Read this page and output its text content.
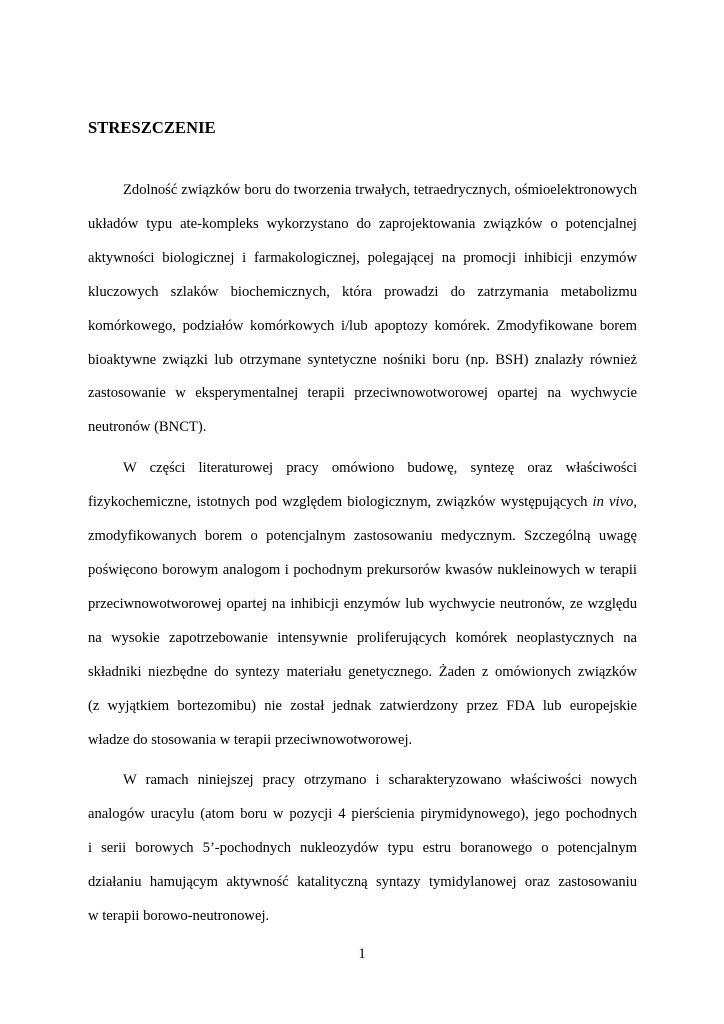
STRESZCZENIE

Zdolność związków boru do tworzenia trwałych, tetraedrycznych, ośmioelektronowych
układów typu ate-kompleks wykorzystano do zaprojektowania związków o potencjalnej
aktywności biologicznej i farmakologicznej, polegającej na promocji inhibicji enzymów
kluczowych szlaków biochemicznych, która prowadzi do zatrzymania metabolizmu
komórkowego, podziałów komórkowych i/lub apoptozy komórek. Zmodyfikowane borem
bioaktywne związki lub otrzymane syntetyczne nośniki boru (np. BSH) znalazły również
zastosowanie w eksperymentalnej terapii przeciwnowotworowej opartej na wychwycie
neutronów (BNCT).

W części literaturowej pracy omówiono budowę, syntezę oraz właściwości
fizykochemiczne, istotnych pod względem biologicznym, związków występujących in vivo,
zmodyfikowanych borem o potencjalnym zastosowaniu medycznym. Szczególną uwagę
poświęcono borowym analogom i pochodnym prekursorów kwasów nukleinowych w terapii
przeciwnowotworowej opartej na inhibicji enzymów lub wychwycie neutronów, ze względu
na wysokie zapotrzebowanie intensywnie proliferujących komórek neoplastycznych na
składniki niezbędne do syntezy materiału genetycznego. Żaden z omówionych związków
(z wyjątkiem bortezomibu) nie został jednak zatwierdzony przez FDA lub europejskie
władze do stosowania w terapii przeciwnowotworowej.

W ramach niniejszej pracy otrzymano i scharakteryzowano właściwości nowych
analogów uracylu (atom boru w pozycji 4 pierścienia pirymidynowego), jego pochodnych
i serii borowych 5’-pochodnych nukleozydów typu estru boranowego o potencjalnym
działaniu hamującym aktywność katalityczną syntazy tymidylanowej oraz zastosowaniu
w terapii borowo-neutronowej.

1
